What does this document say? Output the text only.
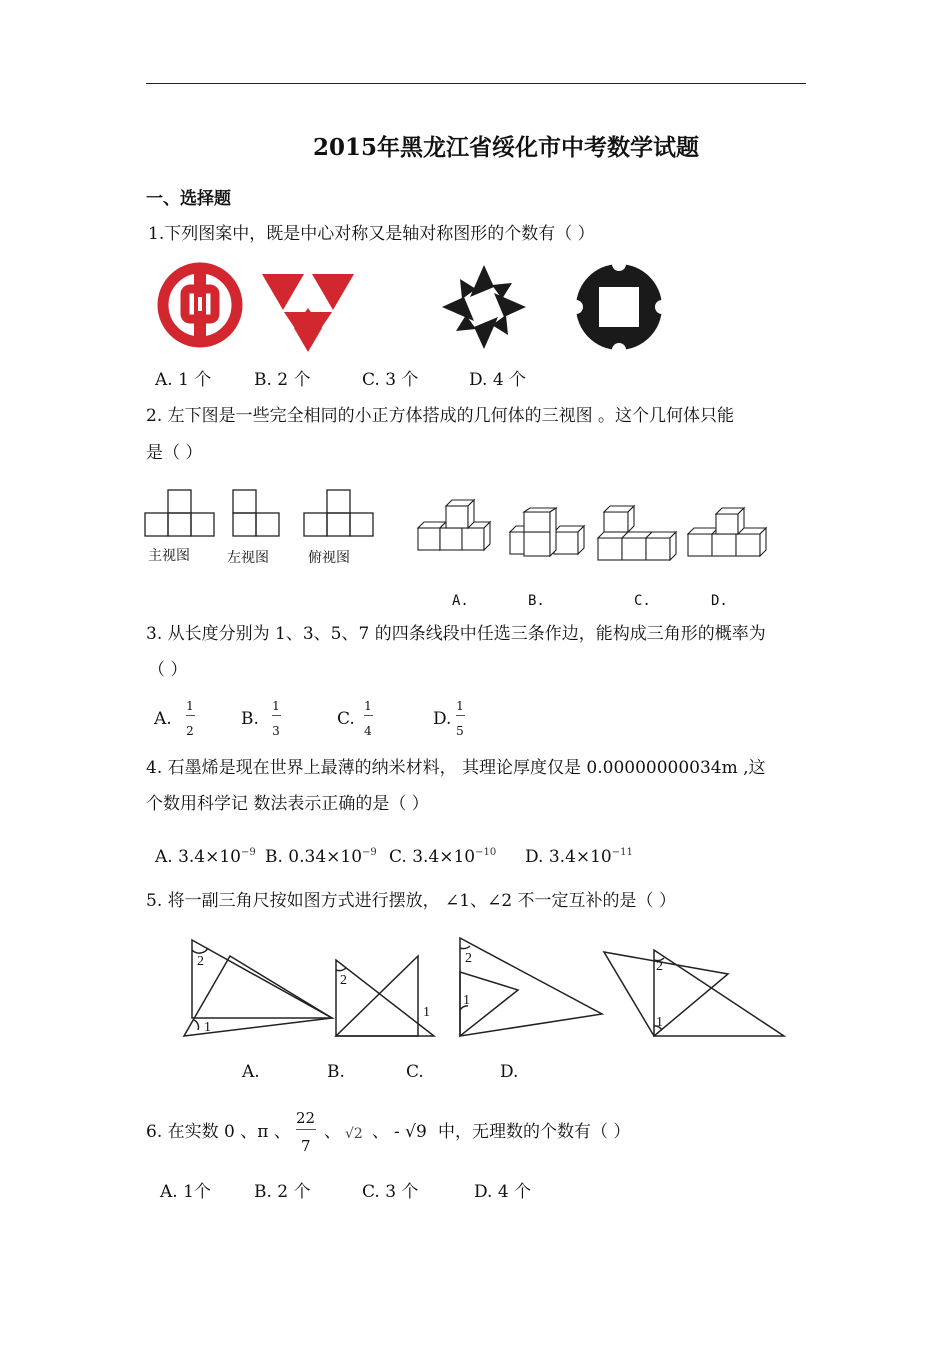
2015年黑龙江省绥化市中考数学试题
一、选择题
1.下列图案中，既是中心对称又是轴对称图形的个数有（ ）
A. 1 个	B. 2 个	C. 3 个	D. 4 个
2. 左下图是一些完全相同的小正方体搭成的几何体的三视图 。这个几何体只能
是（ ）
主视图	左视图	俯视图
A.	B.	C.	D.
3. 从长度分别为 1、3、5、7 的四条线段中任选三条作边，能构成三角形的概率为
（ ）
A.
1
2
B.
1
3
C.
1
4
D.
1
5
4. 石墨烯是现在世界上最薄的纳米材料， 其理论厚度仅是 0.00000000034m ,这
个数用科学记 数法表示正确的是（ ）
A. $3.4\times 10^{-9}$ B. $0.34\times 10^{-9}$ C. $3.4\times 10^{-10}$ D. $3.4\times 10^{-11}$
5. 将一副三角尺按如图方式进行摆放， ∠1、∠2 不一定互补的是（ ）
2
1
2
1
2
1
2
1
A.	B.	C.	D.
6. 在实数 0 、π 、
22
7
、 √2 、 - √9 中，无理数的个数有（ ）
A. 1个	B. 2 个	C. 3 个	D. 4 个
